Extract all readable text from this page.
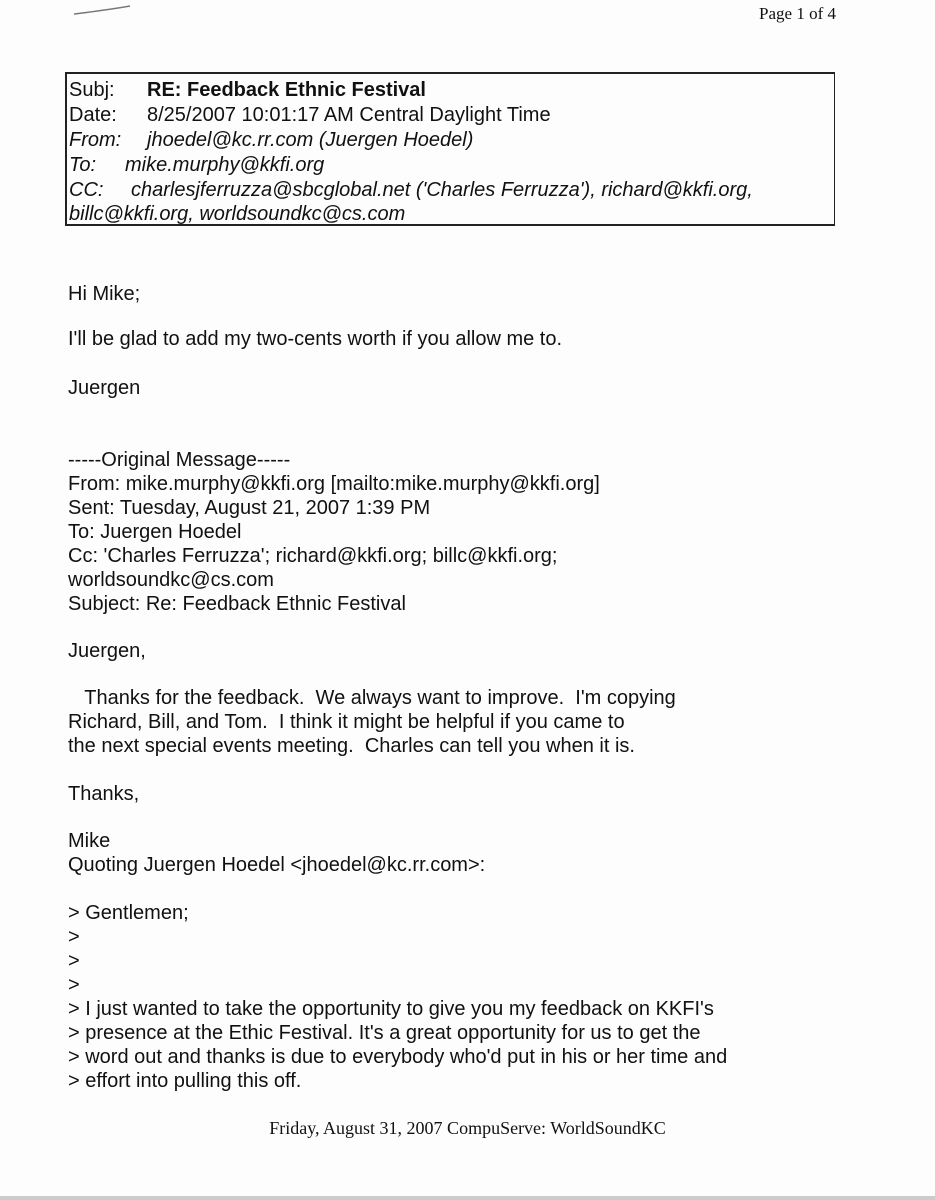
Page 1 of 4
Subj: RE: Feedback Ethnic Festival
Date: 8/25/2007 10:01:17 AM Central Daylight Time
From: jhoedel@kc.rr.com (Juergen Hoedel)
To: mike.murphy@kkfi.org
CC: charlesjferruzza@sbcglobal.net ('Charles Ferruzza'), richard@kkfi.org,
billc@kkfi.org, worldsoundkc@cs.com
Hi Mike;
I'll be glad to add my two-cents worth if you allow me to.
Juergen
-----Original Message-----
From: mike.murphy@kkfi.org [mailto:mike.murphy@kkfi.org]
Sent: Tuesday, August 21, 2007 1:39 PM
To: Juergen Hoedel
Cc: 'Charles Ferruzza'; richard@kkfi.org; billc@kkfi.org;
worldsoundkc@cs.com
Subject: Re: Feedback Ethnic Festival
Juergen,
Thanks for the feedback.  We always want to improve.  I'm copying
Richard, Bill, and Tom.  I think it might be helpful if you came to
the next special events meeting.  Charles can tell you when it is.
Thanks,
Mike
Quoting Juergen Hoedel <jhoedel@kc.rr.com>:
> Gentlemen;
>
>
>
> I just wanted to take the opportunity to give you my feedback on KKFI's
> presence at the Ethic Festival. It's a great opportunity for us to get the
> word out and thanks is due to everybody who'd put in his or her time and
> effort into pulling this off.
Friday, August 31, 2007 CompuServe: WorldSoundKC
